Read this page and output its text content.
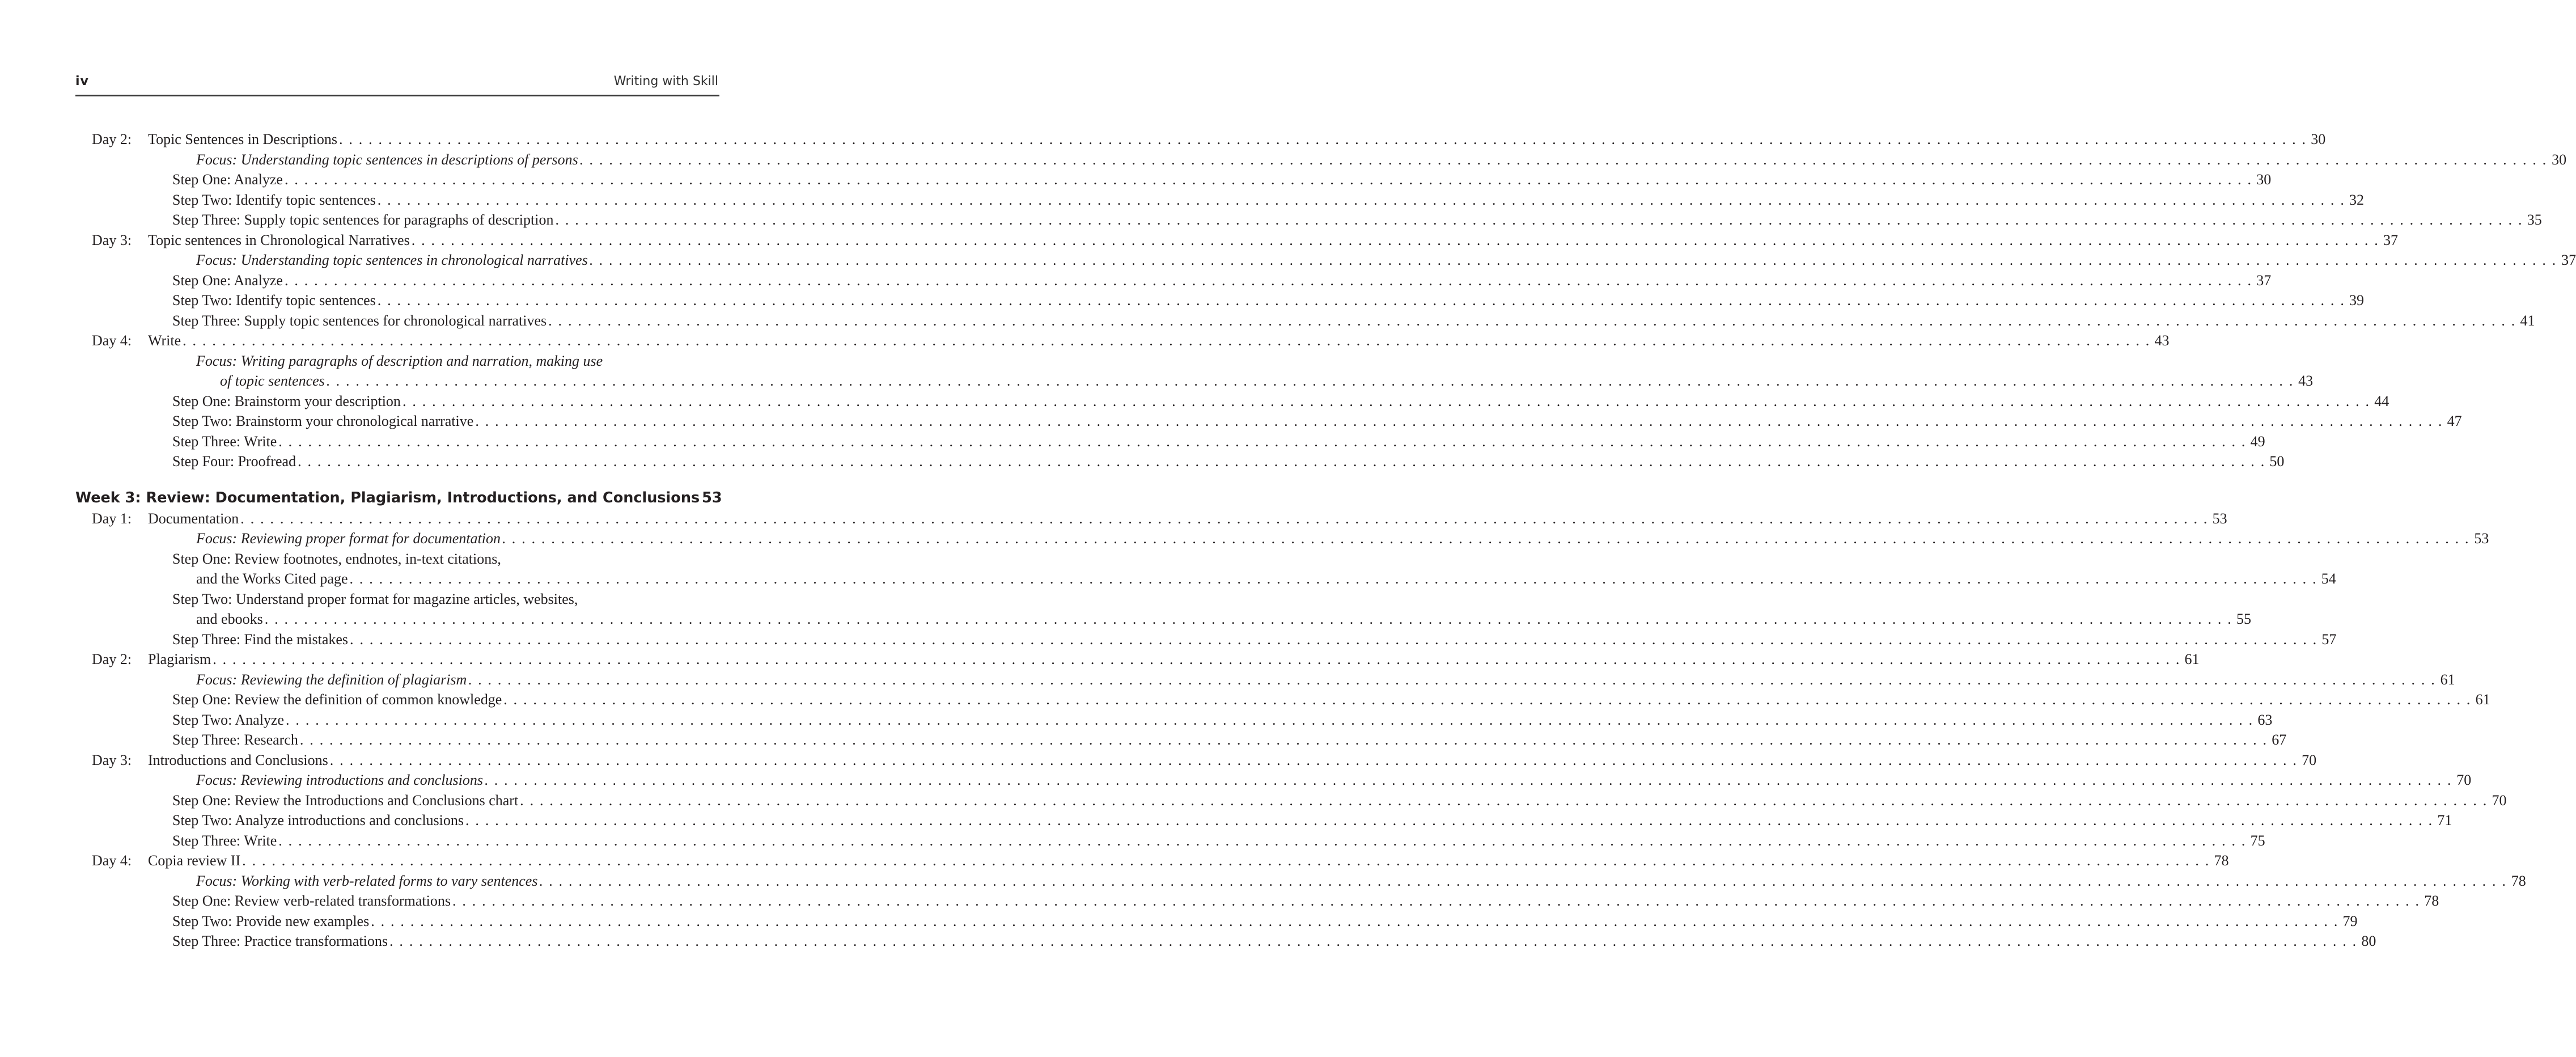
iv	Writing with Skill
Day 2: Topic Sentences in Descriptions . . . . . . . . . . . . . . . . . . . . . . . . . . . . . . . . . . . . . . . . . . . . . . . . . . . . . . . . . . . . . . . . . . . . . . . . . . . . . . . . . . . . . . . . . . . . . . . . . . . . . . . . . . . . . . . . . . . . . . . . . . . . . . . . . . . . . . . . . . . . . . . . . . . . . . . . . . . . . . . . . . . . . . . . . . . . . . . . . . . . . . . . . . . . . . . . . . . . . . . . 30
Focus: Understanding topic sentences in descriptions of persons . . . . . . . . . . . . . . . . . . . . . . . . . . . . . . . . . . . . . . . . . . . . . . . . . . . . . . . . . . . . . . . . . . . . . . . . . . . . . . . . . . . . . . . . . . . . . . . . . . . . . . . . . . . . . . . . . . . . . . . . . . . . . . . . . . . . . . . . . . . . . . . . . . . . . . . . . . . . . . . . . . . . . . . . . . . . . . . . . . . . . . . . . . . . . . . . . . . . . . . . 30
Step One: Analyze . . . . . . . . . . . . . . . . . . . . . . . . . . . . . . . . . . . . . . . . . . . . . . . . . . . . . . . . . . . . . . . . . . . . . . . . . . . . . . . . . . . . . . . . . . . . . . . . . . . . . . . . . . . . . . . . . . . . . . . . . . . . . . . . . . . . . . . . . . . . . . . . . . . . . . . . . . . . . . . . . . . . . . . . . . . . . . . . . . . . . . . . . . . . . . . . . . . . . . . . 30
Step Two: Identify topic sentences . . . . . . . . . . . . . . . . . . . . . . . . . . . . . . . . . . . . . . . . . . . . . . . . . . . . . . . . . . . . . . . . . . . . . . . . . . . . . . . . . . . . . . . . . . . . . . . . . . . . . . . . . . . . . . . . . . . . . . . . . . . . . . . . . . . . . . . . . . . . . . . . . . . . . . . . . . . . . . . . . . . . . . . . . . . . . . . . . . . . . . . . . . . . . . . . . . . . . . . . 32
Step Three: Supply topic sentences for paragraphs of description . . . . . . . . . . . . . . . . . . . . . . . . . . . . . . . . . . . . . . . . . . . . . . . . . . . . . . . . . . . . . . . . . . . . . . . . . . . . . . . . . . . . . . . . . . . . . . . . . . . . . . . . . . . . . . . . . . . . . . . . . . . . . . . . . . . . . . . . . . . . . . . . . . . . . . . . . . . . . . . . . . . . . . . . . . . . . . . . . . . . . . . . . . . . . . . . . . . . . . . . 35
Day 3: Topic sentences in Chronological Narratives . . . . . . . . . . . . . . . . . . . . . . . . . . . . . . . . . . . . . . . . . . . . . . . . . . . . . . . . . . . . . . . . . . . . . . . . . . . . . . . . . . . . . . . . . . . . . . . . . . . . . . . . . . . . . . . . . . . . . . . . . . . . . . . . . . . . . . . . . . . . . . . . . . . . . . . . . . . . . . . . . . . . . . . . . . . . . . . . . . . . . . . . . . . . . . . . . . . . . . . . 37
Focus: Understanding topic sentences in chronological narratives . . . . . . . . . . . . . . . . . . . . . . . . . . . . . . . . . . . . . . . . . . . . . . . . . . . . . . . . . . . . . . . . . . . . . . . . . . . . . . . . . . . . . . . . . . . . . . . . . . . . . . . . . . . . . . . . . . . . . . . . . . . . . . . . . . . . . . . . . . . . . . . . . . . . . . . . . . . . . . . . . . . . . . . . . . . . . . . . . . . . . . . . . . . . . . . . . . . . . . . . 37
Step One: Analyze . . . . . . . . . . . . . . . . . . . . . . . . . . . . . . . . . . . . . . . . . . . . . . . . . . . . . . . . . . . . . . . . . . . . . . . . . . . . . . . . . . . . . . . . . . . . . . . . . . . . . . . . . . . . . . . . . . . . . . . . . . . . . . . . . . . . . . . . . . . . . . . . . . . . . . . . . . . . . . . . . . . . . . . . . . . . . . . . . . . . . . . . . . . . . . . . . . . . . . . . 37
Step Two: Identify topic sentences . . . . . . . . . . . . . . . . . . . . . . . . . . . . . . . . . . . . . . . . . . . . . . . . . . . . . . . . . . . . . . . . . . . . . . . . . . . . . . . . . . . . . . . . . . . . . . . . . . . . . . . . . . . . . . . . . . . . . . . . . . . . . . . . . . . . . . . . . . . . . . . . . . . . . . . . . . . . . . . . . . . . . . . . . . . . . . . . . . . . . . . . . . . . . . . . . . . . . . . . 39
Step Three: Supply topic sentences for chronological narratives . . . . . . . . . . . . . . . . . . . . . . . . . . . . . . . . . . . . . . . . . . . . . . . . . . . . . . . . . . . . . . . . . . . . . . . . . . . . . . . . . . . . . . . . . . . . . . . . . . . . . . . . . . . . . . . . . . . . . . . . . . . . . . . . . . . . . . . . . . . . . . . . . . . . . . . . . . . . . . . . . . . . . . . . . . . . . . . . . . . . . . . . . . . . . . . . . . . . . . . . 41
Day 4: Write . . . . . . . . . . . . . . . . . . . . . . . . . . . . . . . . . . . . . . . . . . . . . . . . . . . . . . . . . . . . . . . . . . . . . . . . . . . . . . . . . . . . . . . . . . . . . . . . . . . . . . . . . . . . . . . . . . . . . . . . . . . . . . . . . . . . . . . . . . . . . . . . . . . . . . . . . . . . . . . . . . . . . . . . . . . . . . . . . . . . . . . . . . . . . . . . . . . . . . . . 43
Focus: Writing paragraphs of description and narration, making use
of topic sentences . . . . . . . . . . . . . . . . . . . . . . . . . . . . . . . . . . . . . . . . . . . . . . . . . . . . . . . . . . . . . . . . . . . . . . . . . . . . . . . . . . . . . . . . . . . . . . . . . . . . . . . . . . . . . . . . . . . . . . . . . . . . . . . . . . . . . . . . . . . . . . . . . . . . . . . . . . . . . . . . . . . . . . . . . . . . . . . . . . . . . . . . . . . . . . . . . . . . . . . . 43
Step One: Brainstorm your description . . . . . . . . . . . . . . . . . . . . . . . . . . . . . . . . . . . . . . . . . . . . . . . . . . . . . . . . . . . . . . . . . . . . . . . . . . . . . . . . . . . . . . . . . . . . . . . . . . . . . . . . . . . . . . . . . . . . . . . . . . . . . . . . . . . . . . . . . . . . . . . . . . . . . . . . . . . . . . . . . . . . . . . . . . . . . . . . . . . . . . . . . . . . . . . . . . . . . . . . 44
Step Two: Brainstorm your chronological narrative . . . . . . . . . . . . . . . . . . . . . . . . . . . . . . . . . . . . . . . . . . . . . . . . . . . . . . . . . . . . . . . . . . . . . . . . . . . . . . . . . . . . . . . . . . . . . . . . . . . . . . . . . . . . . . . . . . . . . . . . . . . . . . . . . . . . . . . . . . . . . . . . . . . . . . . . . . . . . . . . . . . . . . . . . . . . . . . . . . . . . . . . . . . . . . . . . . . . . . . . 47
Step Three: Write . . . . . . . . . . . . . . . . . . . . . . . . . . . . . . . . . . . . . . . . . . . . . . . . . . . . . . . . . . . . . . . . . . . . . . . . . . . . . . . . . . . . . . . . . . . . . . . . . . . . . . . . . . . . . . . . . . . . . . . . . . . . . . . . . . . . . . . . . . . . . . . . . . . . . . . . . . . . . . . . . . . . . . . . . . . . . . . . . . . . . . . . . . . . . . . . . . . . . . . . 49
Step Four: Proofread . . . . . . . . . . . . . . . . . . . . . . . . . . . . . . . . . . . . . . . . . . . . . . . . . . . . . . . . . . . . . . . . . . . . . . . . . . . . . . . . . . . . . . . . . . . . . . . . . . . . . . . . . . . . . . . . . . . . . . . . . . . . . . . . . . . . . . . . . . . . . . . . . . . . . . . . . . . . . . . . . . . . . . . . . . . . . . . . . . . . . . . . . . . . . . . . . . . . . . . . 50
Week 3: Review: Documentation, Plagiarism, Introductions, and Conclusions 53
Day 1: Documentation . . . . . . . . . . . . . . . . . . . . . . . . . . . . . . . . . . . . . . . . . . . . . . . . . . . . . . . . . . . . . . . . . . . . . . . . . . . . . . . . . . . . . . . . . . . . . . . . . . . . . . . . . . . . . . . . . . . . . . . . . . . . . . . . . . . . . . . . . . . . . . . . . . . . . . . . . . . . . . . . . . . . . . . . . . . . . . . . . . . . . . . . . . . . . . . . . . . . . . . . 53
Focus: Reviewing proper format for documentation . . . . . . . . . . . . . . . . . . . . . . . . . . . . . . . . . . . . . . . . . . . . . . . . . . . . . . . . . . . . . . . . . . . . . . . . . . . . . . . . . . . . . . . . . . . . . . . . . . . . . . . . . . . . . . . . . . . . . . . . . . . . . . . . . . . . . . . . . . . . . . . . . . . . . . . . . . . . . . . . . . . . . . . . . . . . . . . . . . . . . . . . . . . . . . . . . . . . . . . . 53
Step One: Review footnotes, endnotes, in-text citations,
and the Works Cited page . . . . . . . . . . . . . . . . . . . . . . . . . . . . . . . . . . . . . . . . . . . . . . . . . . . . . . . . . . . . . . . . . . . . . . . . . . . . . . . . . . . . . . . . . . . . . . . . . . . . . . . . . . . . . . . . . . . . . . . . . . . . . . . . . . . . . . . . . . . . . . . . . . . . . . . . . . . . . . . . . . . . . . . . . . . . . . . . . . . . . . . . . . . . . . . . . . . . . . . . 54
Step Two: Understand proper format for magazine articles, websites,
and ebooks . . . . . . . . . . . . . . . . . . . . . . . . . . . . . . . . . . . . . . . . . . . . . . . . . . . . . . . . . . . . . . . . . . . . . . . . . . . . . . . . . . . . . . . . . . . . . . . . . . . . . . . . . . . . . . . . . . . . . . . . . . . . . . . . . . . . . . . . . . . . . . . . . . . . . . . . . . . . . . . . . . . . . . . . . . . . . . . . . . . . . . . . . . . . . . . . . . . . . . . . 55
Step Three: Find the mistakes . . . . . . . . . . . . . . . . . . . . . . . . . . . . . . . . . . . . . . . . . . . . . . . . . . . . . . . . . . . . . . . . . . . . . . . . . . . . . . . . . . . . . . . . . . . . . . . . . . . . . . . . . . . . . . . . . . . . . . . . . . . . . . . . . . . . . . . . . . . . . . . . . . . . . . . . . . . . . . . . . . . . . . . . . . . . . . . . . . . . . . . . . . . . . . . . . . . . . . . . 57
Day 2: Plagiarism . . . . . . . . . . . . . . . . . . . . . . . . . . . . . . . . . . . . . . . . . . . . . . . . . . . . . . . . . . . . . . . . . . . . . . . . . . . . . . . . . . . . . . . . . . . . . . . . . . . . . . . . . . . . . . . . . . . . . . . . . . . . . . . . . . . . . . . . . . . . . . . . . . . . . . . . . . . . . . . . . . . . . . . . . . . . . . . . . . . . . . . . . . . . . . . . . . . . . . . . 61
Focus: Reviewing the definition of plagiarism . . . . . . . . . . . . . . . . . . . . . . . . . . . . . . . . . . . . . . . . . . . . . . . . . . . . . . . . . . . . . . . . . . . . . . . . . . . . . . . . . . . . . . . . . . . . . . . . . . . . . . . . . . . . . . . . . . . . . . . . . . . . . . . . . . . . . . . . . . . . . . . . . . . . . . . . . . . . . . . . . . . . . . . . . . . . . . . . . . . . . . . . . . . . . . . . . . . . . . . . 61
Step One: Review the definition of common knowledge . . . . . . . . . . . . . . . . . . . . . . . . . . . . . . . . . . . . . . . . . . . . . . . . . . . . . . . . . . . . . . . . . . . . . . . . . . . . . . . . . . . . . . . . . . . . . . . . . . . . . . . . . . . . . . . . . . . . . . . . . . . . . . . . . . . . . . . . . . . . . . . . . . . . . . . . . . . . . . . . . . . . . . . . . . . . . . . . . . . . . . . . . . . . . . . . . . . . . . . . 61
Step Two: Analyze . . . . . . . . . . . . . . . . . . . . . . . . . . . . . . . . . . . . . . . . . . . . . . . . . . . . . . . . . . . . . . . . . . . . . . . . . . . . . . . . . . . . . . . . . . . . . . . . . . . . . . . . . . . . . . . . . . . . . . . . . . . . . . . . . . . . . . . . . . . . . . . . . . . . . . . . . . . . . . . . . . . . . . . . . . . . . . . . . . . . . . . . . . . . . . . . . . . . . . . . 63
Step Three: Research . . . . . . . . . . . . . . . . . . . . . . . . . . . . . . . . . . . . . . . . . . . . . . . . . . . . . . . . . . . . . . . . . . . . . . . . . . . . . . . . . . . . . . . . . . . . . . . . . . . . . . . . . . . . . . . . . . . . . . . . . . . . . . . . . . . . . . . . . . . . . . . . . . . . . . . . . . . . . . . . . . . . . . . . . . . . . . . . . . . . . . . . . . . . . . . . . . . . . . . . 67
Day 3: Introductions and Conclusions . . . . . . . . . . . . . . . . . . . . . . . . . . . . . . . . . . . . . . . . . . . . . . . . . . . . . . . . . . . . . . . . . . . . . . . . . . . . . . . . . . . . . . . . . . . . . . . . . . . . . . . . . . . . . . . . . . . . . . . . . . . . . . . . . . . . . . . . . . . . . . . . . . . . . . . . . . . . . . . . . . . . . . . . . . . . . . . . . . . . . . . . . . . . . . . . . . . . . . . . 70
Focus: Reviewing introductions and conclusions . . . . . . . . . . . . . . . . . . . . . . . . . . . . . . . . . . . . . . . . . . . . . . . . . . . . . . . . . . . . . . . . . . . . . . . . . . . . . . . . . . . . . . . . . . . . . . . . . . . . . . . . . . . . . . . . . . . . . . . . . . . . . . . . . . . . . . . . . . . . . . . . . . . . . . . . . . . . . . . . . . . . . . . . . . . . . . . . . . . . . . . . . . . . . . . . . . . . . . . . 70
Step One: Review the Introductions and Conclusions chart . . . . . . . . . . . . . . . . . . . . . . . . . . . . . . . . . . . . . . . . . . . . . . . . . . . . . . . . . . . . . . . . . . . . . . . . . . . . . . . . . . . . . . . . . . . . . . . . . . . . . . . . . . . . . . . . . . . . . . . . . . . . . . . . . . . . . . . . . . . . . . . . . . . . . . . . . . . . . . . . . . . . . . . . . . . . . . . . . . . . . . . . . . . . . . . . . . . . . . . . 70
Step Two: Analyze introductions and conclusions . . . . . . . . . . . . . . . . . . . . . . . . . . . . . . . . . . . . . . . . . . . . . . . . . . . . . . . . . . . . . . . . . . . . . . . . . . . . . . . . . . . . . . . . . . . . . . . . . . . . . . . . . . . . . . . . . . . . . . . . . . . . . . . . . . . . . . . . . . . . . . . . . . . . . . . . . . . . . . . . . . . . . . . . . . . . . . . . . . . . . . . . . . . . . . . . . . . . . . . . 71
Step Three: Write . . . . . . . . . . . . . . . . . . . . . . . . . . . . . . . . . . . . . . . . . . . . . . . . . . . . . . . . . . . . . . . . . . . . . . . . . . . . . . . . . . . . . . . . . . . . . . . . . . . . . . . . . . . . . . . . . . . . . . . . . . . . . . . . . . . . . . . . . . . . . . . . . . . . . . . . . . . . . . . . . . . . . . . . . . . . . . . . . . . . . . . . . . . . . . . . . . . . . . . . 75
Day 4: Copia review II . . . . . . . . . . . . . . . . . . . . . . . . . . . . . . . . . . . . . . . . . . . . . . . . . . . . . . . . . . . . . . . . . . . . . . . . . . . . . . . . . . . . . . . . . . . . . . . . . . . . . . . . . . . . . . . . . . . . . . . . . . . . . . . . . . . . . . . . . . . . . . . . . . . . . . . . . . . . . . . . . . . . . . . . . . . . . . . . . . . . . . . . . . . . . . . . . . . . . . . . 78
Focus: Working with verb-related forms to vary sentences . . . . . . . . . . . . . . . . . . . . . . . . . . . . . . . . . . . . . . . . . . . . . . . . . . . . . . . . . . . . . . . . . . . . . . . . . . . . . . . . . . . . . . . . . . . . . . . . . . . . . . . . . . . . . . . . . . . . . . . . . . . . . . . . . . . . . . . . . . . . . . . . . . . . . . . . . . . . . . . . . . . . . . . . . . . . . . . . . . . . . . . . . . . . . . . . . . . . . . . . 78
Step One: Review verb-related transformations . . . . . . . . . . . . . . . . . . . . . . . . . . . . . . . . . . . . . . . . . . . . . . . . . . . . . . . . . . . . . . . . . . . . . . . . . . . . . . . . . . . . . . . . . . . . . . . . . . . . . . . . . . . . . . . . . . . . . . . . . . . . . . . . . . . . . . . . . . . . . . . . . . . . . . . . . . . . . . . . . . . . . . . . . . . . . . . . . . . . . . . . . . . . . . . . . . . . . . . . 78
Step Two: Provide new examples . . . . . . . . . . . . . . . . . . . . . . . . . . . . . . . . . . . . . . . . . . . . . . . . . . . . . . . . . . . . . . . . . . . . . . . . . . . . . . . . . . . . . . . . . . . . . . . . . . . . . . . . . . . . . . . . . . . . . . . . . . . . . . . . . . . . . . . . . . . . . . . . . . . . . . . . . . . . . . . . . . . . . . . . . . . . . . . . . . . . . . . . . . . . . . . . . . . . . . . . 79
Step Three: Practice transformations . . . . . . . . . . . . . . . . . . . . . . . . . . . . . . . . . . . . . . . . . . . . . . . . . . . . . . . . . . . . . . . . . . . . . . . . . . . . . . . . . . . . . . . . . . . . . . . . . . . . . . . . . . . . . . . . . . . . . . . . . . . . . . . . . . . . . . . . . . . . . . . . . . . . . . . . . . . . . . . . . . . . . . . . . . . . . . . . . . . . . . . . . . . . . . . . . . . . . . . . 80
